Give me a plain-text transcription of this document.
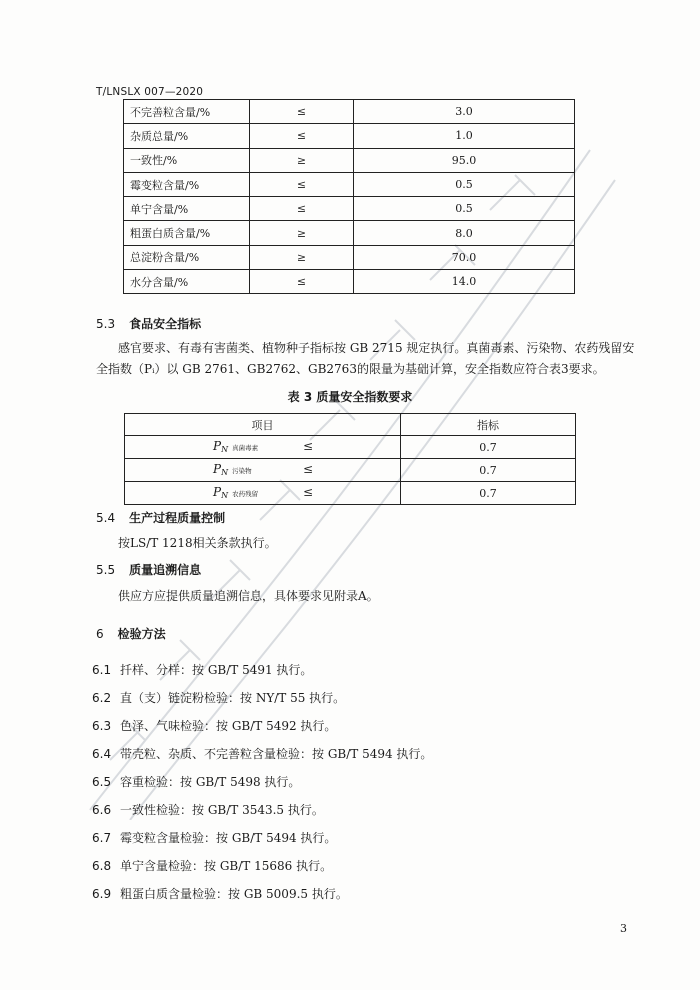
T/LNSLX 007—2020
不完善粒含量/%	≤	3.0
杂质总量/%	≤	1.0
一致性/%	≥	95.0
霉变粒含量/%	≤	0.5
单宁含量/%	≤	0.5
粗蛋白质含量/%	≥	8.0
总淀粉含量/%	≥	70.0
水分含量/%	≤	14.0
5.3 食品安全指标
感官要求、有毒有害菌类、植物种子指标按 GB 2715 规定执行。真菌毒素、污染物、农药残留安
全指数（Pᵢ）以 GB 2761、GB2762、GB2763的限量为基础计算，安全指数应符合表3要求。
表 3 质量安全指数要求
项目	指标

$P_N$ 真菌毒素 ≤	0.7

$P_N$ 污染物 ≤	0.7

$P_N$ 农药残留 ≤	0.7
5.4 生产过程质量控制
按LS/T 1218相关条款执行。
5.5 质量追溯信息
供应方应提供质量追溯信息，具体要求见附录A。
6 检验方法
6.1 扦样、分样：按 GB/T 5491 执行。
6.2 直（支）链淀粉检验：按 NY/T 55 执行。
6.3 色泽、气味检验：按 GB/T 5492 执行。
6.4 带壳粒、杂质、不完善粒含量检验：按 GB/T 5494 执行。
6.5 容重检验：按 GB/T 5498 执行。
6.6 一致性检验：按 GB/T 3543.5 执行。
6.7 霉变粒含量检验：按 GB/T 5494 执行。
6.8 单宁含量检验：按 GB/T 15686 执行。
6.9 粗蛋白质含量检验：按 GB 5009.5 执行。
3
